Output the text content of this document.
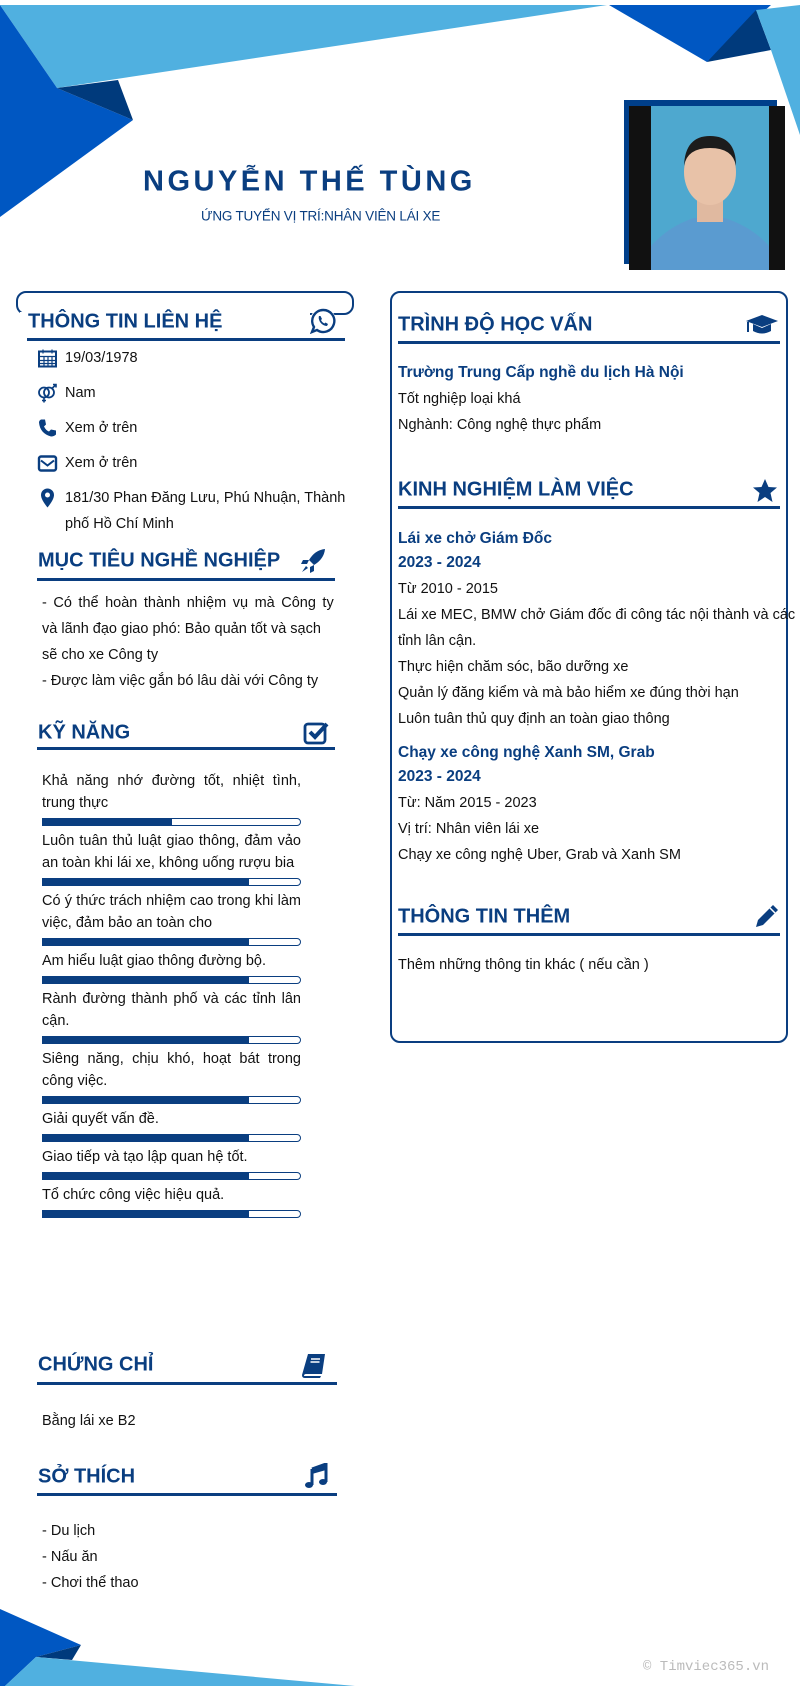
NGUYỄN THẾ TÙNG
ỨNG TUYỂN VỊ TRÍ:NHÂN VIÊN LÁI XE
THÔNG TIN LIÊN HỆ
19/03/1978
Nam
Xem ở trên
Xem ở trên
181/30 Phan Đăng Lưu, Phú Nhuận, Thành
phố Hồ Chí Minh
MỤC TIÊU NGHỀ NGHIỆP
- Có thể hoàn thành nhiệm vụ mà Công ty
và lãnh đạo giao phó: Bảo quản tốt và sạch
sẽ cho xe Công ty
- Được làm việc gắn bó lâu dài với Công ty
KỸ NĂNG
Khả năng nhớ đường tốt, nhiệt tình, trung thực
Luôn tuân thủ luật giao thông, đảm vảo an toàn khi lái xe, không uống rượu bia
Có ý thức trách nhiệm cao trong khi làm việc, đảm bảo an toàn cho
Am hiểu luật giao thông đường bộ.
Rành đường thành phố và các tỉnh lân cận.
Siêng năng, chịu khó, hoạt bát trong công việc.
Giải quyết vấn đề.
Giao tiếp và tạo lập quan hệ tốt.
Tổ chức công việc hiệu quả.
CHỨNG CHỈ
Bằng lái xe B2
SỞ THÍCH
- Du lịch
- Nấu ăn
- Chơi thể thao
TRÌNH ĐỘ HỌC VẤN
Trường Trung Cấp nghề du lịch Hà Nội
Tốt nghiệp loại khá
Nghành: Công nghệ thực phẩm
KINH NGHIỆM LÀM VIỆC
Lái xe chở Giám Đốc
2023 - 2024
Từ 2010 - 2015
Lái xe MEC, BMW chở Giám đốc đi công tác nội thành và các
tỉnh lân cận.
Thực hiện chăm sóc, bão dưỡng xe
Quản lý đăng kiểm và mà bảo hiểm xe đúng thời hạn
Luôn tuân thủ quy định an toàn giao thông
Chạy xe công nghệ Xanh SM, Grab
2023 - 2024
Từ: Năm 2015 - 2023
Vị trí: Nhân viên lái xe
Chạy xe công nghệ Uber, Grab và Xanh SM
THÔNG TIN THÊM
Thêm những thông tin khác ( nếu cần )
© Timviec365.vn
